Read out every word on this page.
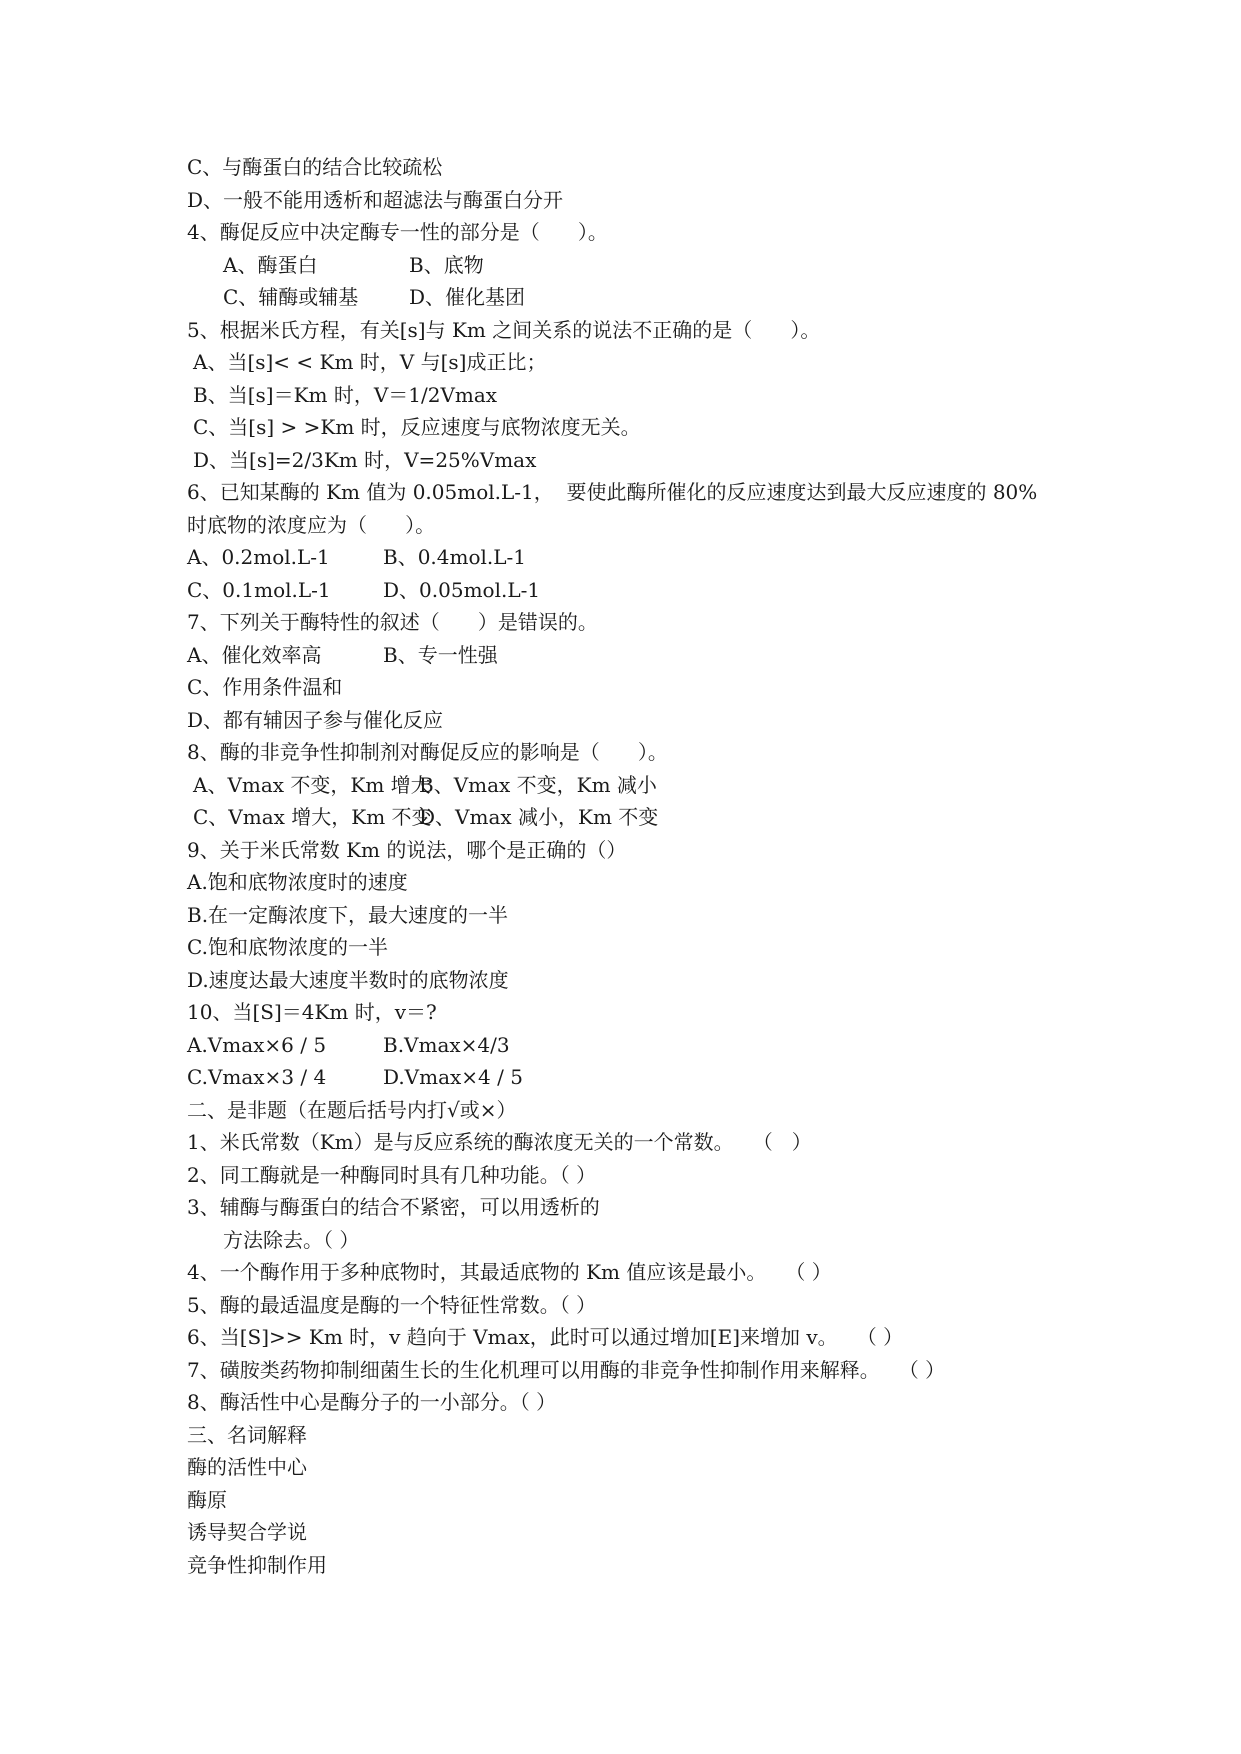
C、与酶蛋白的结合比较疏松
D、一般不能用透析和超滤法与酶蛋白分开
4、酶促反应中决定酶专一性的部分是（      ）。
A、酶蛋白	B、底物
C、辅酶或辅基	D、催化基团
5、根据米氏方程，有关[s]与 Km 之间关系的说法不正确的是（      ）。
A、当[s]< < Km 时，V 与[s]成正比；
B、当[s]＝Km 时，V＝1/2Vmax
C、当[s] > >Km 时，反应速度与底物浓度无关。
D、当[s]=2/3Km 时，V=25%Vmax
6、已知某酶的 Km 值为 0.05mol.L-1，  要使此酶所催化的反应速度达到最大反应速度的 80%
时底物的浓度应为（      ）。
A、0.2mol.L-1	B、0.4mol.L-1
C、0.1mol.L-1	D、0.05mol.L-1
7、下列关于酶特性的叙述（      ）是错误的。
A、催化效率高	B、专一性强
C、作用条件温和
D、都有辅因子参与催化反应
8、酶的非竞争性抑制剂对酶促反应的影响是（      ）。
A、Vmax 不变，Km 增大B、Vmax 不变，Km 减小
C、Vmax 增大，Km 不变D、Vmax 减小，Km 不变
9、关于米氏常数 Km 的说法，哪个是正确的（）
A.饱和底物浓度时的速度
B.在一定酶浓度下，最大速度的一半
C.饱和底物浓度的一半
D.速度达最大速度半数时的底物浓度
10、当[S]＝4Km 时，v＝?
A.Vmax×6 / 5	B.Vmax×4/3
C.Vmax×3 / 4	D.Vmax×4 / 5
二、是非题（在题后括号内打√或×）
1、米氏常数（Km）是与反应系统的酶浓度无关的一个常数。   （   ）
2、同工酶就是一种酶同时具有几种功能。（ ）
3、辅酶与酶蛋白的结合不紧密，可以用透析的
方法除去。（ ）
4、一个酶作用于多种底物时，其最适底物的 Km 值应该是最小。   （ ）
5、酶的最适温度是酶的一个特征性常数。（ ）
6、当[S]>> Km 时，v 趋向于 Vmax，此时可以通过增加[E]来增加 v。   （ ）
7、磺胺类药物抑制细菌生长的生化机理可以用酶的非竞争性抑制作用来解释。   （ ）
8、酶活性中心是酶分子的一小部分。（ ）
三、名词解释
酶的活性中心
酶原
诱导契合学说
竞争性抑制作用
